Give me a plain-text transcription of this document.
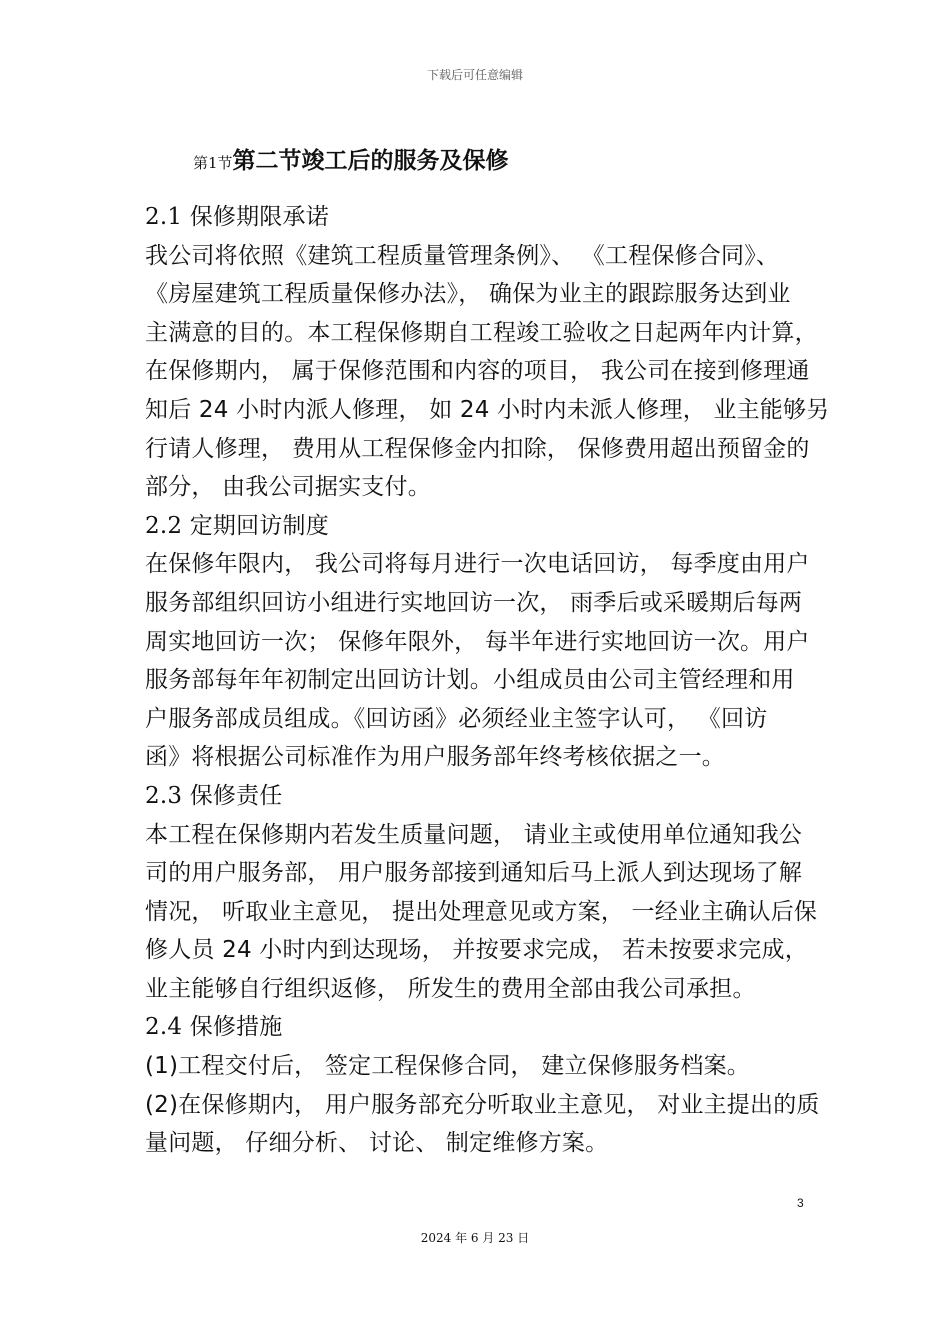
下载后可任意编辑
第1节第二节竣工后的服务及保修
2.1 保修期限承诺
我公司将依照《建筑工程质量管理条例》、 《工程保修合同》、
《房屋建筑工程质量保修办法》， 确保为业主的跟踪服务达到业
主满意的目的。本工程保修期自工程竣工验收之日起两年内计算，
在保修期内， 属于保修范围和内容的项目， 我公司在接到修理通
知后 24 小时内派人修理， 如 24 小时内未派人修理， 业主能够另
行请人修理， 费用从工程保修金内扣除， 保修费用超出预留金的
部分， 由我公司据实支付。
2.2 定期回访制度
在保修年限内， 我公司将每月进行一次电话回访， 每季度由用户
服务部组织回访小组进行实地回访一次， 雨季后或采暖期后每两
周实地回访一次； 保修年限外， 每半年进行实地回访一次。用户
服务部每年年初制定出回访计划。小组成员由公司主管经理和用
户服务部成员组成。《回访函》必须经业主签字认可， 《回访
函》将根据公司标准作为用户服务部年终考核依据之一。
2.3 保修责任
本工程在保修期内若发生质量问题， 请业主或使用单位通知我公
司的用户服务部， 用户服务部接到通知后马上派人到达现场了解
情况， 听取业主意见， 提出处理意见或方案， 一经业主确认后保
修人员 24 小时内到达现场， 并按要求完成， 若未按要求完成，
业主能够自行组织返修， 所发生的费用全部由我公司承担。
2.4 保修措施
(1)工程交付后， 签定工程保修合同， 建立保修服务档案。
(2)在保修期内， 用户服务部充分听取业主意见， 对业主提出的质
量问题， 仔细分析、 讨论、 制定维修方案。
3
2024 年 6 月 23 日
